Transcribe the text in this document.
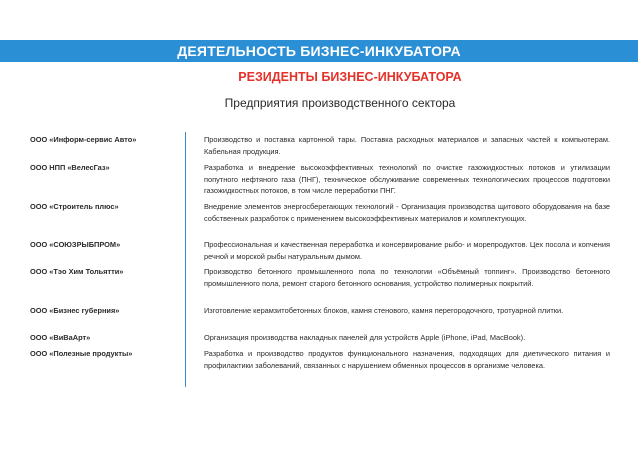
ДЕЯТЕЛЬНОСТЬ БИЗНЕС-ИНКУБАТОРА
РЕЗИДЕНТЫ БИЗНЕС-ИНКУБАТОРА
Предприятия производственного сектора
ООО «Информ-сервис Авто»	Производство и поставка картонной тары. Поставка расходных материалов и запасных частей к компьютерам. Кабельная продукция.
ООО НПП «ВелесГаз»	Разработка и внедрение высокоэффективных технологий по очистке газожидкостных потоков и утилизации попутного нефтяного газа (ПНГ), техническое обслуживание современных технологических процессов подготовки газожидкостных потоков, в том числе переработки ПНГ.
ООО «Строитель плюс»	Внедрение элементов энергосберегающих технологий - Организация производства щитового оборудования на базе собственных разработок с применением высокоэффективных материалов и комплектующих.
ООО «СОЮЗРЫБПРОМ»	Профессиональная и качественная переработка и консервирование рыбо- и морепродуктов. Цех посола и копчения речной и морской рыбы натуральным дымом.
ООО «Тэо Хим Тольятти»	Производство бетонного промышленного пола по технологии «Объёмный топпинг». Производство бетонного промышленного пола, ремонт старого бетонного основания, устройство полимерных покрытий.
ООО «Бизнес губерния»	Изготовление керамзитобетонных блоков, камня стенового, камня перегородочного, тротуарной плитки.
ООО «ВиВаАрт»	Организация производства накладных панелей для устройств Apple (iPhone, iPad, MacBook).
ООО «Полезные продукты»	Разработка и производство продуктов функционального назначения, подходящих для диетического питания и профилактики заболеваний, связанных с нарушением обменных процессов в организме человека.
